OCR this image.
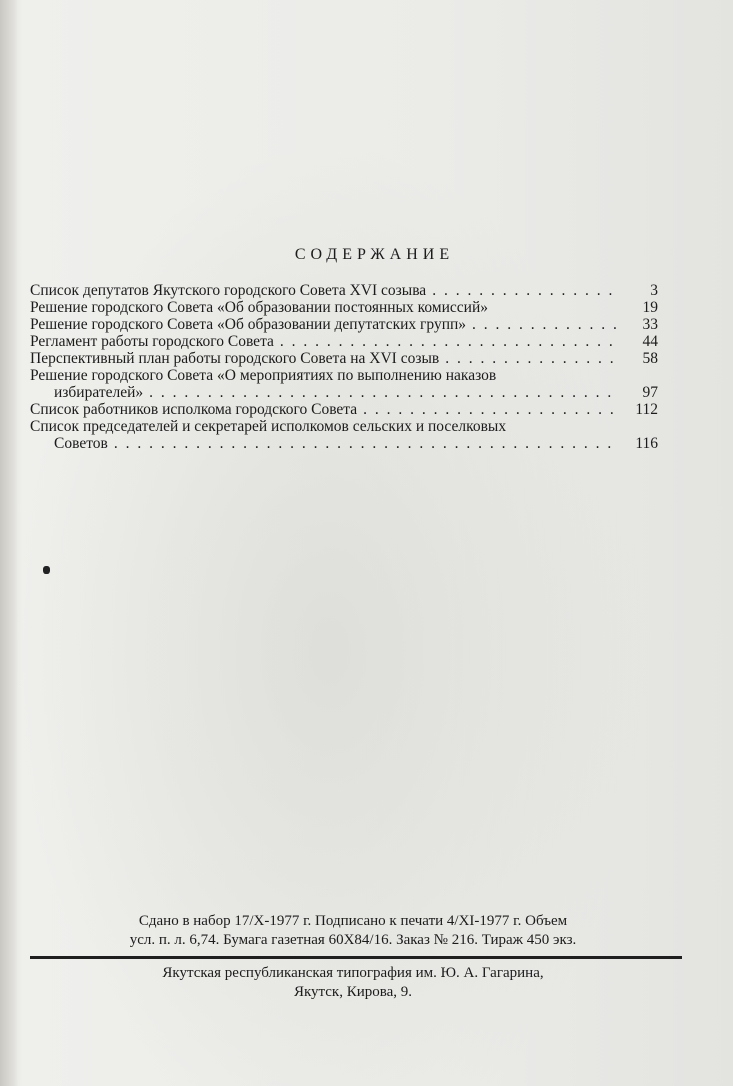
СОДЕРЖАНИЕ
Список депутатов Якутского городского Совета XVI созыва . . .	3
Решение городского Совета «Об образовании постоянных комиссий»	19
Решение городского Совета «Об образовании депутатских групп» . . .	33
Регламент работы городского Совета . . .	44
Перспективный план работы городского Совета на XVI созыв . . .	58
Решение городского Совета «О мероприятиях по выполнению наказов
избирателей» . . .	97
Список работников исполкома городского Совета . . .	112
Список председателей и секретарей исполкомов сельских и поселковых
Советов . . .	116
Сдано в набор 17/X-1977 г. Подписано к печати 4/XI-1977 г. Объем
усл. п. л. 6,74. Бумага газетная 60X84/16. Заказ № 216. Тираж 450 экз.
Якутская республиканская типография им. Ю. А. Гагарина,
Якутск, Кирова, 9.
